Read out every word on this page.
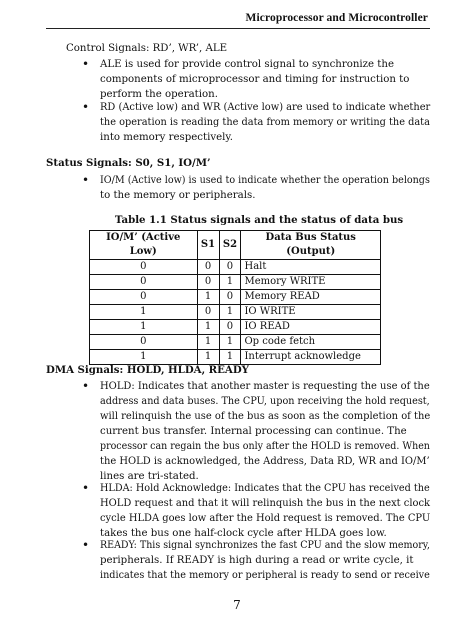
Microprocessor and Microcontroller
Control Signals: RD’, WR’, ALE
• ALE is used for provide control signal to synchronize the
components of microprocessor and timing for instruction to
perform the operation.
• RD (Active low) and WR (Active low) are used to indicate whether
the operation is reading the data from memory or writing the data
into memory respectively.
Status Signals: S0, S1, IO/M’
• IO/M (Active low) is used to indicate whether the operation belongs
to the memory or peripherals.
Table 1.1 Status signals and the status of data bus
IO/M’ (Active Low)	S1	S2	Data Bus Status (Output)
0	0	0	Halt
0	0	1	Memory WRITE
0	1	0	Memory READ
1	0	1	IO WRITE
1	1	0	IO READ
0	1	1	Op code fetch
1	1	1	Interrupt acknowledge
DMA Signals: HOLD, HLDA, READY
• HOLD: Indicates that another master is requesting the use of the
address and data buses. The CPU, upon receiving the hold request,
will relinquish the use of the bus as soon as the completion of the
current bus transfer. Internal processing can continue. The
processor can regain the bus only after the HOLD is removed. When
the HOLD is acknowledged, the Address, Data RD, WR and IO/M’
lines are tri-stated.
• HLDA: Hold Acknowledge: Indicates that the CPU has received the
HOLD request and that it will relinquish the bus in the next clock
cycle HLDA goes low after the Hold request is removed. The CPU
takes the bus one half-clock cycle after HLDA goes low.
• READY: This signal synchronizes the fast CPU and the slow memory,
peripherals. If READY is high during a read or write cycle, it
indicates that the memory or peripheral is ready to send or receive
7
